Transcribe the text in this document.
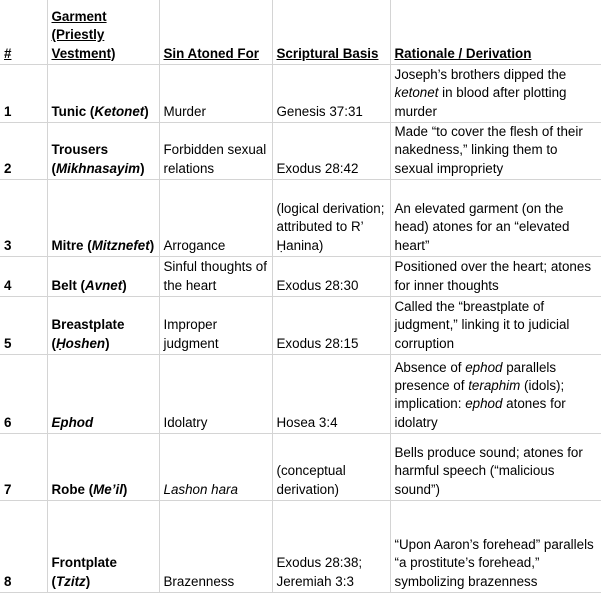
#	Garment (Priestly Vestment)	Sin Atoned For	Scriptural Basis	Rationale / Derivation
1	Tunic (Ketonet)	Murder	Genesis 37:31	Joseph’s brothers dipped the ketonet in blood after plotting murder
2	Trousers (Mikhnasayim)	Forbidden sexual relations	Exodus 28:42	Made “to cover the flesh of their nakedness,” linking them to sexual impropriety
3	Mitre (Mitznefet)	Arrogance	(logical derivation; attributed to R’ Ḥanina)	An elevated garment (on the head) atones for an “elevated heart”
4	Belt (Avnet)	Sinful thoughts of the heart	Exodus 28:30	Positioned over the heart; atones for inner thoughts
5	Breastplate (Ḥoshen)	Improper judgment	Exodus 28:15	Called the “breastplate of judgment,” linking it to judicial corruption
6	Ephod	Idolatry	Hosea 3:4	Absence of ephod parallels presence of teraphim (idols); implication: ephod atones for idolatry
7	Robe (Me’il)	Lashon hara	(conceptual derivation)	Bells produce sound; atones for harmful speech (“malicious sound”)
8	Frontplate (Tzitz)	Brazenness	Exodus 28:38; Jeremiah 3:3	“Upon Aaron’s forehead” parallels “a prostitute’s forehead,” symbolizing brazenness
